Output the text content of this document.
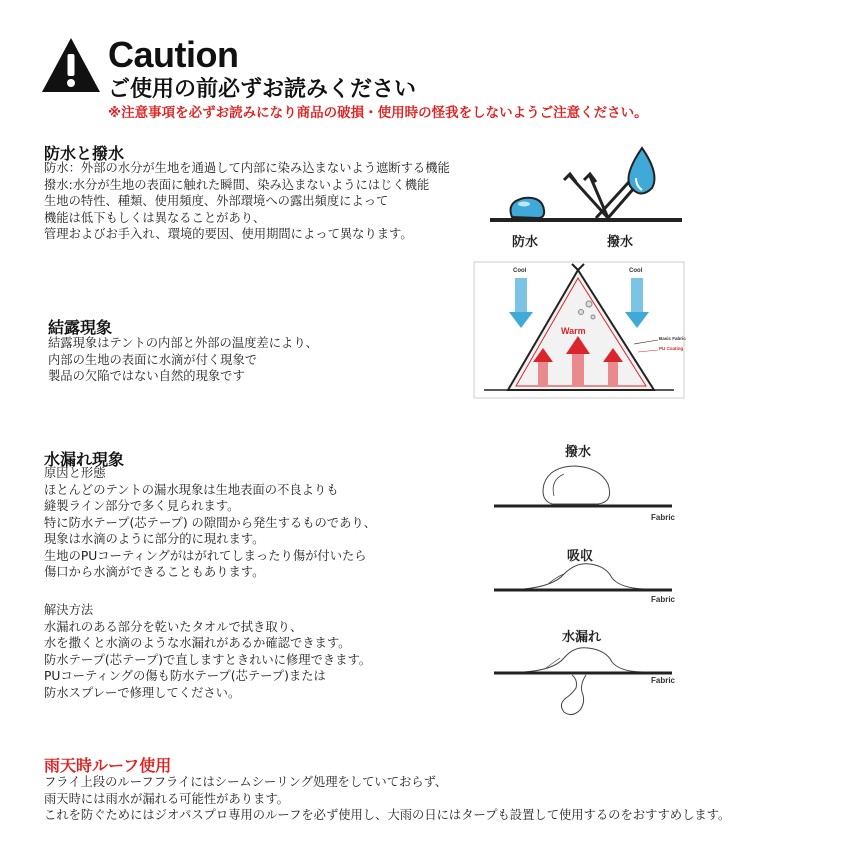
Caution
ご使用の前必ずお読みください
※注意事項を必ずお読みになり商品の破損・使用時の怪我をしないようご注意ください。
防水と撥水
防水：外部の水分が生地を通過して内部に染み込まないよう遮断する機能
撥水:水分が生地の表面に触れた瞬間、染み込まないようにはじく機能
生地の特性、種類、使用頻度、外部環境への露出頻度によって
機能は低下もしくは異なることがあり、
管理およびお手入れ、環境的要因、使用期間によって異なります。
防水	撥水
結露現象
結露現象はテントの内部と外部の温度差により、
内部の生地の表面に水滴が付く現象で
製品の欠陥ではない自然的現象です
Cool	Cool
Warm
Basic Fabric
PU Coating
水漏れ現象
原因と形態
ほとんどのテントの漏水現象は生地表面の不良よりも
縫製ライン部分で多く見られます。
特に防水テープ(芯テープ) の隙間から発生するものであり、
現象は水滴のように部分的に現れます。
生地のPUコーティングがはがれてしまったり傷が付いたら
傷口から水滴ができることもあります。
解決方法
水漏れのある部分を乾いたタオルで拭き取り、
水を撒くと水滴のような水漏れがあるか確認できます。
防水テープ(芯テープ)で直しますときれいに修理できます。
PUコーティングの傷も防水テープ(芯テープ)または
防水スプレーで修理してください。
撥水
Fabric
吸収
Fabric
水漏れ
Fabric
雨天時ルーフ使用
フライ上段のルーフフライにはシームシーリング処理をしていておらず、
雨天時には雨水が漏れる可能性があります。
これを防ぐためにはジオパスプロ専用のルーフを必ず使用し、大雨の日にはタープも設置して使用するのをおすすめします。
